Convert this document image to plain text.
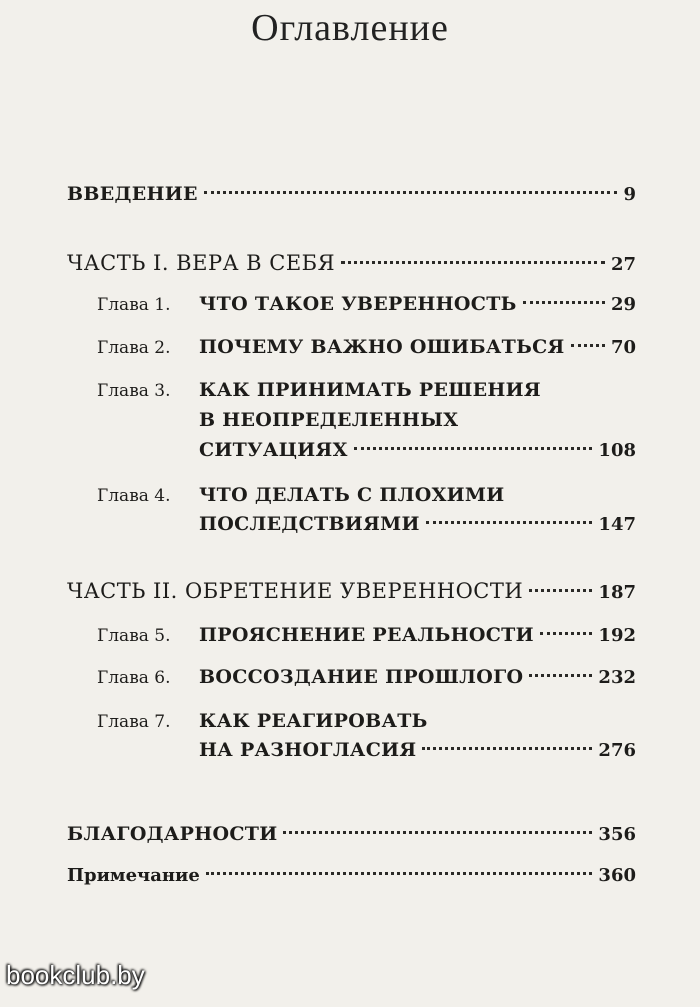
Оглавление
ВВЕДЕНИЕ	9
ЧАСТЬ I. ВЕРА В СЕБЯ	27
Глава 1.	ЧТО ТАКОЕ УВЕРЕННОСТЬ	29
Глава 2.	ПОЧЕМУ ВАЖНО ОШИБАТЬСЯ	70
Глава 3.	КАК ПРИНИМАТЬ РЕШЕНИЯ
В НЕОПРЕДЕЛЕННЫХ
СИТУАЦИЯХ	108
Глава 4.	ЧТО ДЕЛАТЬ С ПЛОХИМИ
ПОСЛЕДСТВИЯМИ	147
ЧАСТЬ II. ОБРЕТЕНИЕ УВЕРЕННОСТИ	187
Глава 5.	ПРОЯСНЕНИЕ РЕАЛЬНОСТИ	192
Глава 6.	ВОССОЗДАНИЕ ПРОШЛОГО	232
Глава 7.	КАК РЕАГИРОВАТЬ
НА РАЗНОГЛАСИЯ	276
БЛАГОДАРНОСТИ	356
Примечание	360
bookclub.by
